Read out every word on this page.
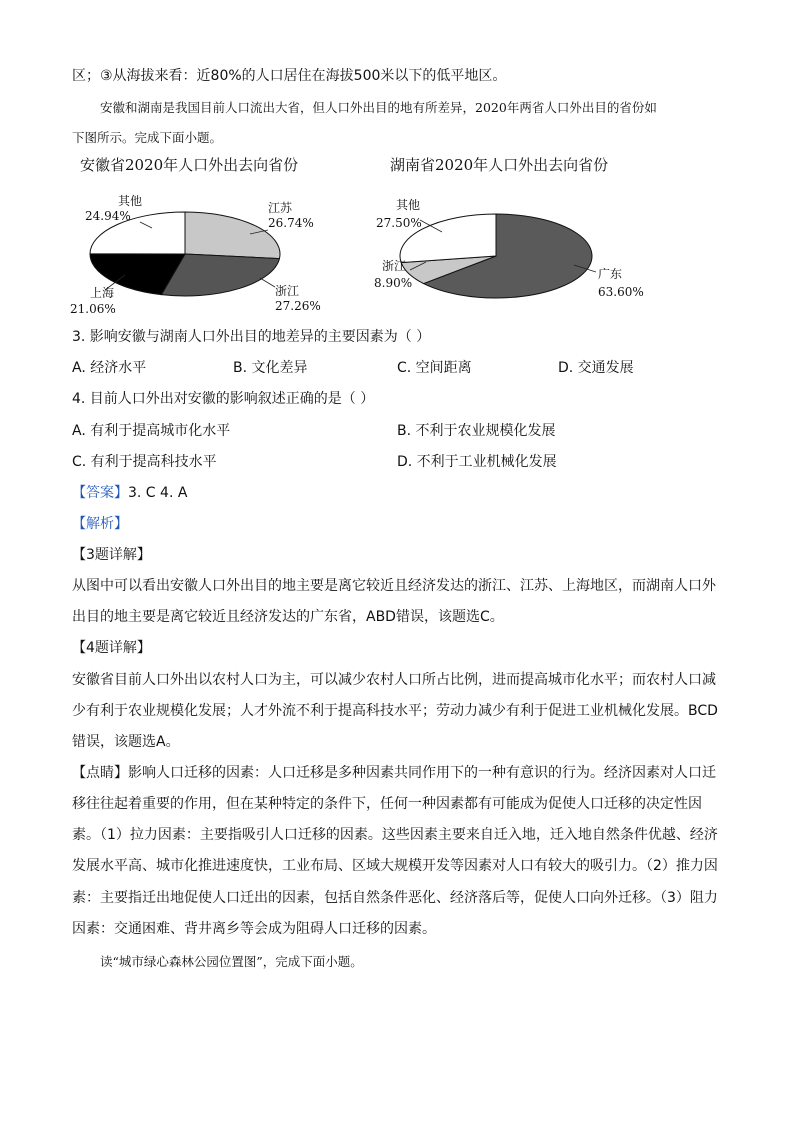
区；③从海拔来看：近80%的人口居住在海拔500米以下的低平地区。
安徽和湖南是我国目前人口流出大省，但人口外出目的地有所差异，2020年两省人口外出目的省份如
下图所示。完成下面小题。
安徽省2020年人口外出去向省份
江苏
26.74%
浙江
27.26%
上海
21.06%
其他
24.94%
湖南省2020年人口外出去向省份
广东
63.60%
浙江
8.90%
其他
27.50%
3. 影响安徽与湖南人口外出目的地差异的主要因素为（ ）
A. 经济水平	B. 文化差异	C. 空间距离	D. 交通发展
4. 目前人口外出对安徽的影响叙述正确的是（ ）
A. 有利于提高城市化水平	B. 不利于农业规模化发展
C. 有利于提高科技水平	D. 不利于工业机械化发展
【答案】3. C 4. A
【解析】
【3题详解】
从图中可以看出安徽人口外出目的地主要是离它较近且经济发达的浙江、江苏、上海地区，而湖南人口外
出目的地主要是离它较近且经济发达的广东省，ABD错误，该题选C。
【4题详解】
安徽省目前人口外出以农村人口为主，可以减少农村人口所占比例，进而提高城市化水平；而农村人口减
少有利于农业规模化发展；人才外流不利于提高科技水平；劳动力减少有利于促进工业机械化发展。BCD
错误，该题选A。
【点睛】影响人口迁移的因素：人口迁移是多种因素共同作用下的一种有意识的行为。经济因素对人口迁
移往往起着重要的作用，但在某种特定的条件下，任何一种因素都有可能成为促使人口迁移的决定性因
素。（1）拉力因素：主要指吸引人口迁移的因素。这些因素主要来自迁入地，迁入地自然条件优越、经济
发展水平高、城市化推进速度快，工业布局、区域大规模开发等因素对人口有较大的吸引力。（2）推力因
素：主要指迁出地促使人口迁出的因素，包括自然条件恶化、经济落后等，促使人口向外迁移。（3）阻力
因素：交通困难、背井离乡等会成为阻碍人口迁移的因素。
读“城市绿心森林公园位置图”，完成下面小题。
